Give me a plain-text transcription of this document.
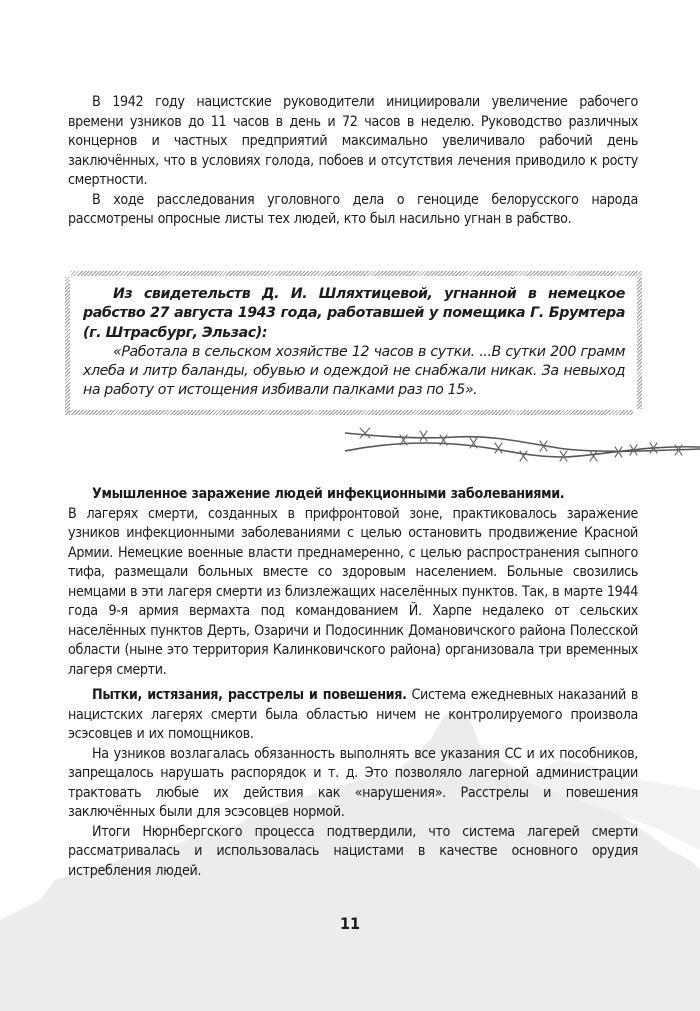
В 1942 году нацистские руководители инициировали увеличение рабочего времени узников до 11 часов в день и 72 часов в неделю. Руководство различных концернов и частных предприятий максимально увеличивало рабочий день заключённых, что в условиях голода, побоев и отсутствия лечения приводило к росту смертности.

В ходе расследования уголовного дела о геноциде белорусского народа рассмотрены опросные листы тех людей, кто был насильно угнан в рабство.

Из свидетельств Д. И. Шляхтицевой, угнанной в немецкое рабство 27 августа 1943 года, работавшей у помещика Г. Брумтера (г. Штрасбург, Эльзас):

«Работала в сельском хозяйстве 12 часов в сутки. ...В сутки 200 грамм хлеба и литр баланды, обувью и одеждой не снабжали никак. За невыход на работу от истощения избивали палками раз по 15».

Умышленное заражение людей инфекционными заболеваниями.
В лагерях смерти, созданных в прифронтовой зоне, практиковалось заражение узников инфекционными заболеваниями с целью остановить продвижение Красной Армии. Немецкие военные власти преднамеренно, с целью распространения сыпного тифа, размещали больных вместе со здоровым населением. Больные свозились немцами в эти лагеря смерти из близлежащих населённых пунктов. Так, в марте 1944 года 9-я армия вермахта под командованием Й. Харпе недалеко от сельских населённых пунктов Дерть, Озаричи и Подосинник Домановичского района Полесской области (ныне это территория Калинковичского района) организовала три временных лагеря смерти.

Пытки, истязания, расстрелы и повешения. Система ежедневных наказаний в нацистских лагерях смерти была областью ничем не контролируемого произвола эсэсовцев и их помощников.

На узников возлагалась обязанность выполнять все указания СС и их пособников, запрещалось нарушать распорядок и т. д. Это позволяло лагерной администрации трактовать любые их действия как «нарушения». Расстрелы и повешения заключённых были для эсэсовцев нормой.

Итоги Нюрнбергского процесса подтвердили, что система лагерей смерти рассматривалась и использовалась нацистами в качестве основного орудия истребления людей.

11
